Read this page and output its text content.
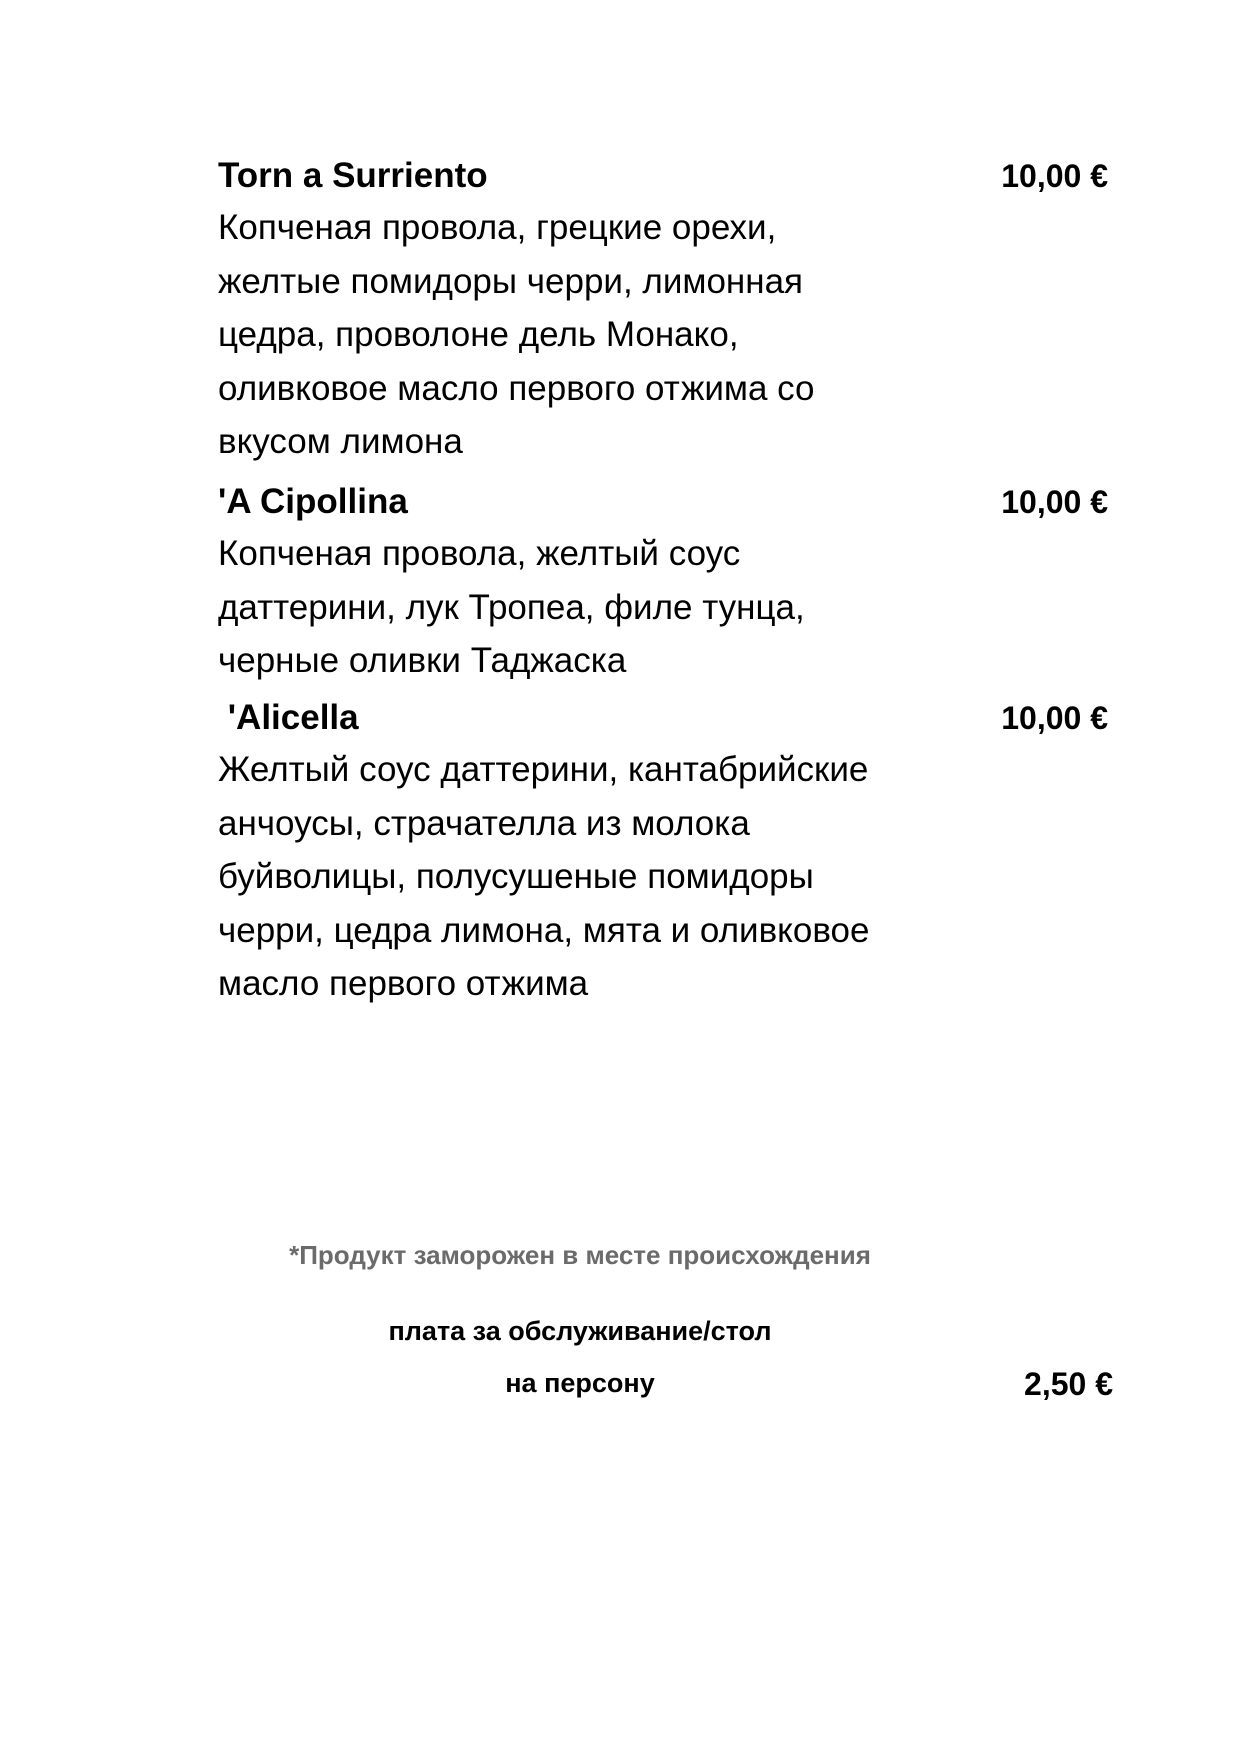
Torn a Surriento	10,00 €
Копченая провола, грецкие орехи,
желтые помидоры черри, лимонная
цедра, проволоне дель Монако,
оливковое масло первого отжима со
вкусом лимона
'A Cipollina	10,00 €
Копченая провола, желтый соус
даттерини, лук Тропеа, филе тунца,
черные оливки Таджаска
'Alicella	10,00 €
Желтый соус даттерини, кантабрийские
анчоусы, страчателла из молока
буйволицы, полусушеные помидоры
черри, цедра лимона, мята и оливковое
масло первого отжима
*Продукт заморожен в месте происхождения
плата за обслуживание/стол
на персону	2,50 €
